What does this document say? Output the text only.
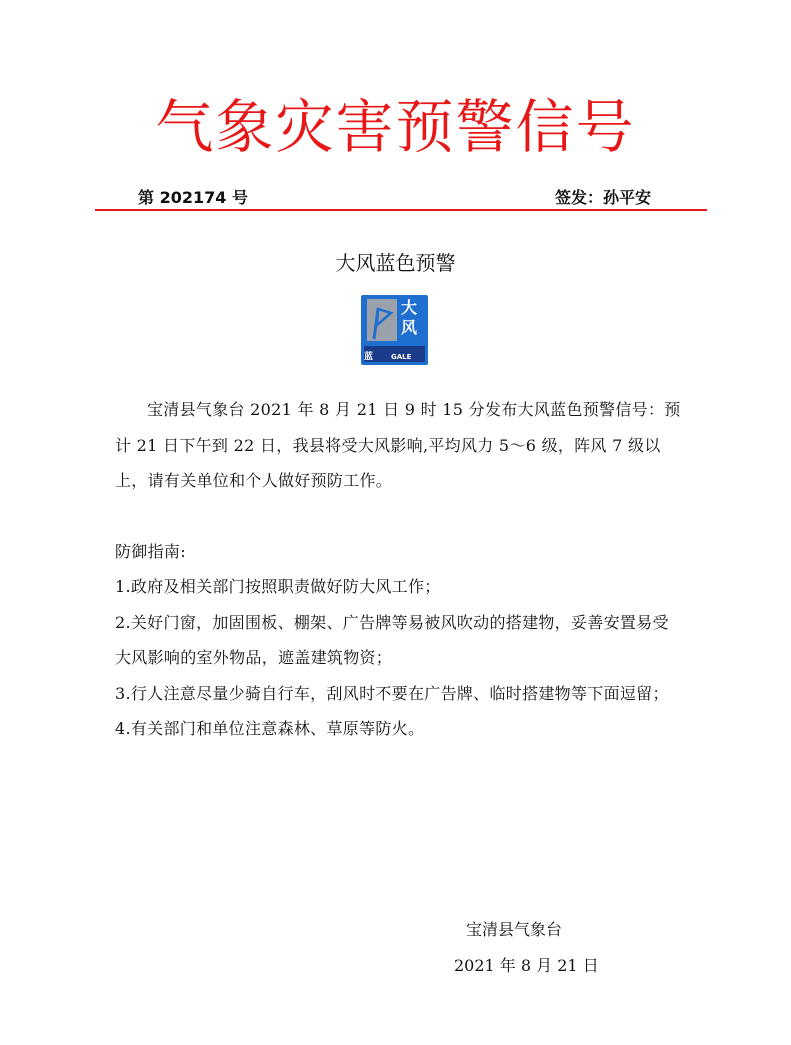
气象灾害预警信号
第 202174 号	签发：孙平安
大风蓝色预警
大
风
蓝	GALE

宝清县气象台 2021 年 8 月 21 日 9 时 15 分发布大风蓝色预警信号：预计 21 日下午到 22 日，我县将受大风影响,平均风力 5～6 级，阵风 7 级以上，请有关单位和个人做好预防工作。

防御指南:

1.政府及相关部门按照职责做好防大风工作；

2.关好门窗，加固围板、棚架、广告牌等易被风吹动的搭建物，妥善安置易受大风影响的室外物品，遮盖建筑物资；

3.行人注意尽量少骑自行车，刮风时不要在广告牌、临时搭建物等下面逗留；

4.有关部门和单位注意森林、草原等防火。

宝清县气象台
2021 年 8 月 21 日
